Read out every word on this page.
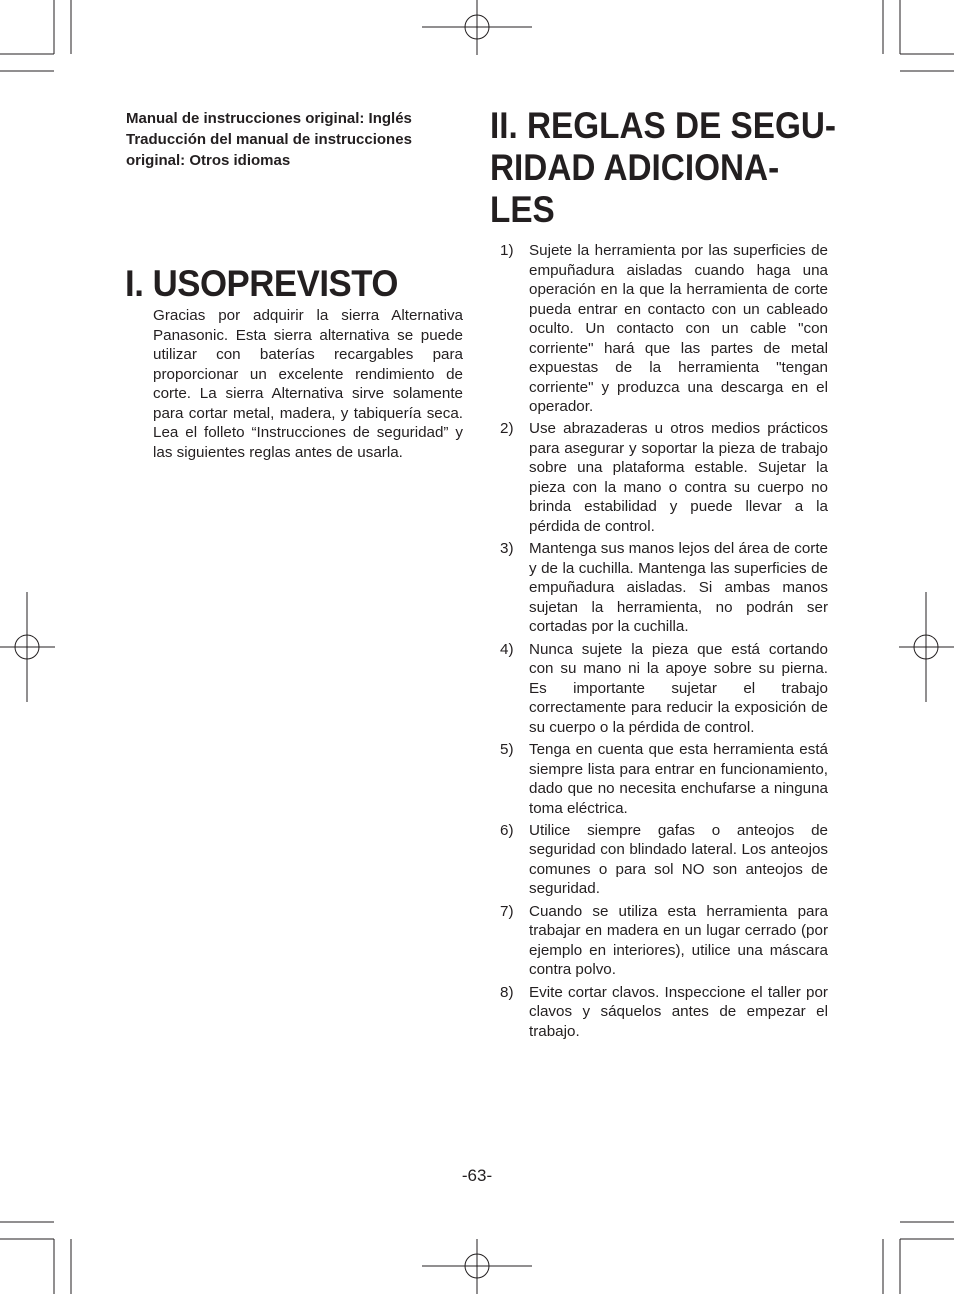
Manual de instrucciones original: Inglés
Traducción del manual de instrucciones
original: Otros idiomas
I. USOPREVISTO

Gracias por adquirir la sierra Alternativa Panasonic. Esta sierra alternativa se puede utilizar con baterías recargables para proporcionar un excelente rendimiento de corte. La sierra Alternativa sirve solamente para cortar metal, madera, y tabiquería seca. Lea el folleto “Instrucciones de seguridad” y las siguientes reglas antes de usarla.

II. REGLAS DE SEGU-
RIDAD ADICIONA-
LES
1) Sujete la herramienta por las superficies de empuñadura aisladas cuando haga una operación en la que la herramienta de corte pueda entrar en contacto con un cableado oculto. Un contacto con un cable "con corriente" hará que las partes de metal expuestas de la herramienta "tengan corriente" y produzca una descarga en el operador.
2) Use abrazaderas u otros medios prácticos para asegurar y soportar la pieza de trabajo sobre una plataforma estable. Sujetar la pieza con la mano o contra su cuerpo no brinda estabilidad y puede llevar a la pérdida de control.
3) Mantenga sus manos lejos del área de corte y de la cuchilla. Mantenga las superficies de empuñadura aisladas. Si ambas manos sujetan la herramienta, no podrán ser cortadas por la cuchilla.
4) Nunca sujete la pieza que está cortando con su mano ni la apoye sobre su pierna. Es importante sujetar el trabajo correctamente para reducir la exposición de su cuerpo o la pérdida de control.
5) Tenga en cuenta que esta herramienta está siempre lista para entrar en funcionamiento, dado que no necesita enchufarse a ninguna toma eléctrica.
6) Utilice siempre gafas o anteojos de seguridad con blindado lateral. Los anteojos comunes o para sol NO son anteojos de seguridad.
7) Cuando se utiliza esta herramienta para trabajar en madera en un lugar cerrado (por ejemplo en interiores), utilice una máscara contra polvo.
8) Evite cortar clavos. Inspeccione el taller por clavos y sáquelos antes de empezar el trabajo.
-63-
